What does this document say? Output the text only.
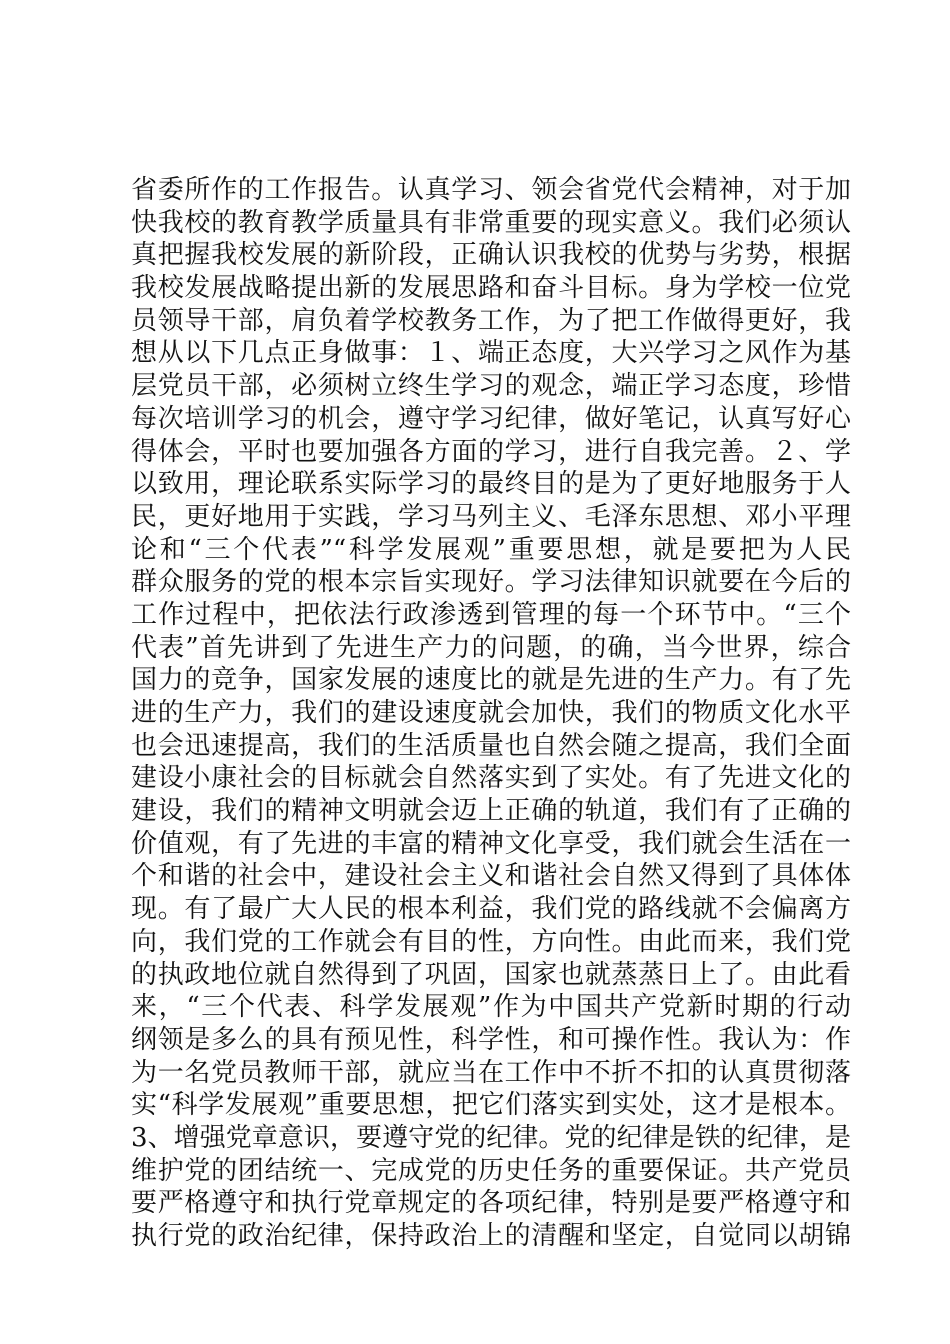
省委所作的工作报告。认真学习、领会省党代会精神，对于加
快我校的教育教学质量具有非常重要的现实意义。我们必须认
真把握我校发展的新阶段，正确认识我校的优势与劣势，根据
我校发展战略提出新的发展思路和奋斗目标。身为学校一位党
员领导干部，肩负着学校教务工作，为了把工作做得更好，我
想从以下几点正身做事：１、端正态度，大兴学习之风作为基
层党员干部，必须树立终生学习的观念，端正学习态度，珍惜
每次培训学习的机会，遵守学习纪律，做好笔记，认真写好心
得体会，平时也要加强各方面的学习，进行自我完善。２、学
以致用，理论联系实际学习的最终目的是为了更好地服务于人
民，更好地用于实践，学习马列主义、毛泽东思想、邓小平理
论和“三个代表”“科学发展观”重要思想，就是要把为人民
群众服务的党的根本宗旨实现好。学习法律知识就要在今后的
工作过程中，把依法行政渗透到管理的每一个环节中。“三个
代表”首先讲到了先进生产力的问题，的确，当今世界，综合
国力的竞争，国家发展的速度比的就是先进的生产力。有了先
进的生产力，我们的建设速度就会加快，我们的物质文化水平
也会迅速提高，我们的生活质量也自然会随之提高，我们全面
建设小康社会的目标就会自然落实到了实处。有了先进文化的
建设，我们的精神文明就会迈上正确的轨道，我们有了正确的
价值观，有了先进的丰富的精神文化享受，我们就会生活在一
个和谐的社会中，建设社会主义和谐社会自然又得到了具体体
现。有了最广大人民的根本利益，我们党的路线就不会偏离方
向，我们党的工作就会有目的性，方向性。由此而来，我们党
的执政地位就自然得到了巩固，国家也就蒸蒸日上了。由此看
来，“三个代表、科学发展观”作为中国共产党新时期的行动
纲领是多么的具有预见性，科学性，和可操作性。我认为：作
为一名党员教师干部，就应当在工作中不折不扣的认真贯彻落
实“科学发展观”重要思想，把它们落实到实处，这才是根本。
3、增强党章意识，要遵守党的纪律。党的纪律是铁的纪律，是
维护党的团结统一、完成党的历史任务的重要保证。共产党员
要严格遵守和执行党章规定的各项纪律，特别是要严格遵守和
执行党的政治纪律，保持政治上的清醒和坚定，自觉同以胡锦
